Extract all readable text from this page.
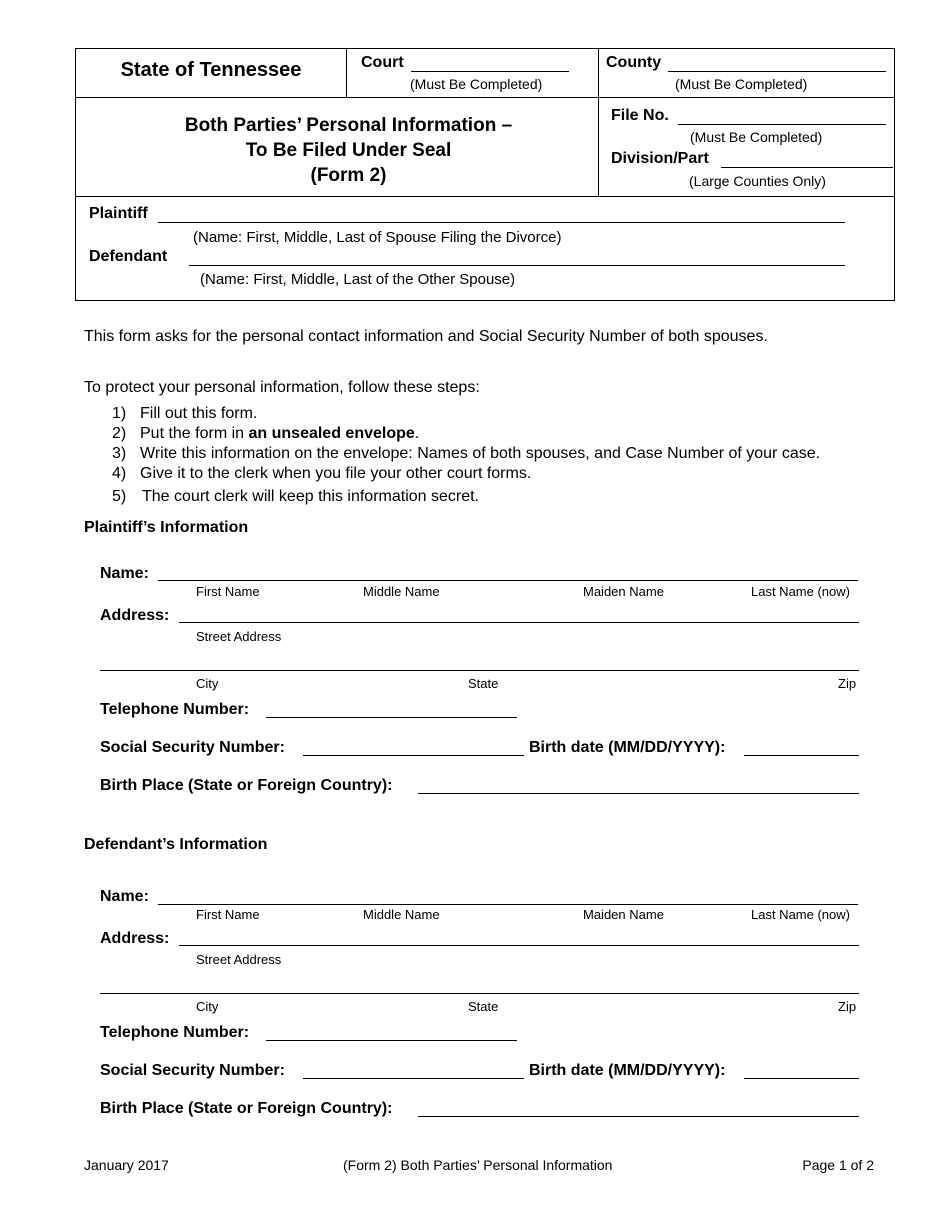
State of Tennessee	Court
(Must Be Completed)
County
(Must Be Completed)
Both Parties’ Personal Information –
To Be Filed Under Seal
(Form 2)
File No.
(Must Be Completed)
Division/Part
(Large Counties Only)
Plaintiff
(Name: First, Middle, Last of Spouse Filing the Divorce)
Defendant
(Name: First, Middle, Last of the Other Spouse)
This form asks for the personal contact information and Social Security Number of both spouses.
To protect your personal information, follow these steps:
1) Fill out this form.
2) Put the form in an unsealed envelope.
3) Write this information on the envelope: Names of both spouses, and Case Number of your case.
4) Give it to the clerk when you file your other court forms.
5) The court clerk will keep this information secret.
Plaintiff’s Information
Name:
First Name	Middle Name	Maiden Name	Last Name (now)
Address:
Street Address
City	State	Zip
Telephone Number:
Social Security Number:	Birth date (MM/DD/YYYY):
Birth Place (State or Foreign Country):
Defendant’s Information
Name:
First Name	Middle Name	Maiden Name	Last Name (now)
Address:
Street Address
City	State	Zip
Telephone Number:
Social Security Number:	Birth date (MM/DD/YYYY):
Birth Place (State or Foreign Country):
January 2017	(Form 2) Both Parties’ Personal Information	Page 1 of 2
